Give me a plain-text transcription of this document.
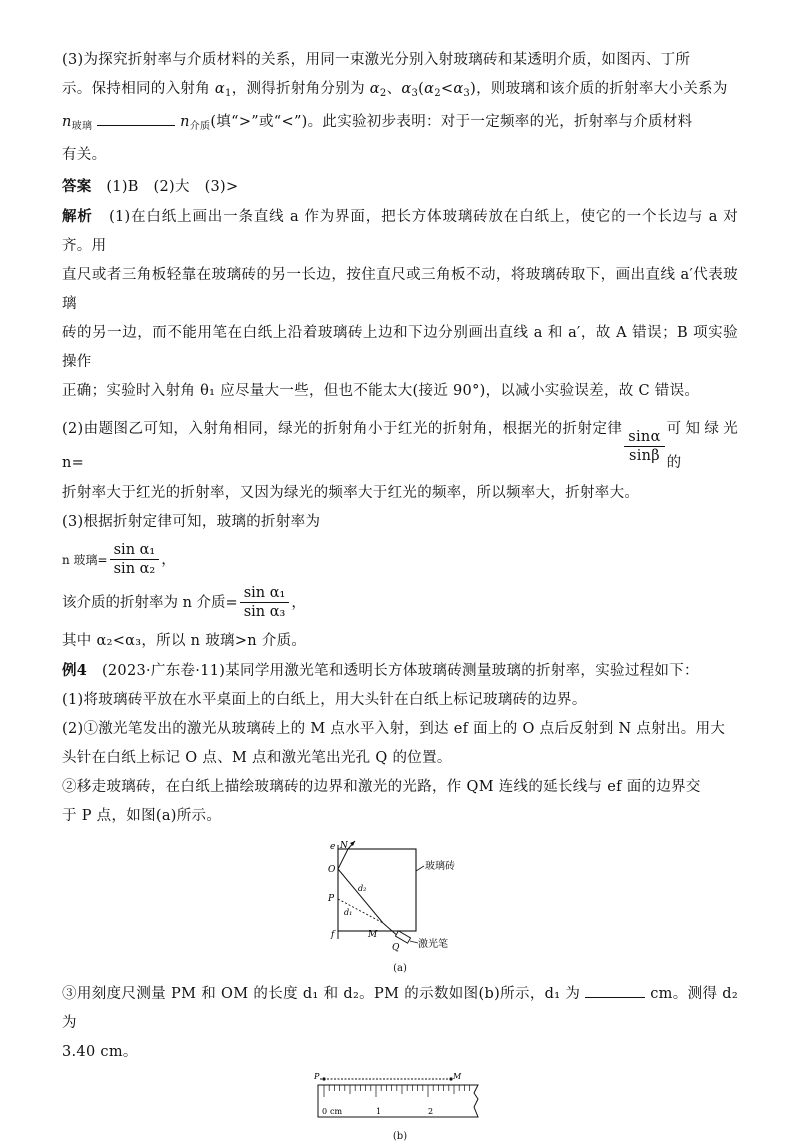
(3)为探究折射率与介质材料的关系，用同一束激光分别入射玻璃砖和某透明介质，如图丙、丁所
示。保持相同的入射角 $\alpha_1$，测得折射角分别为 $\alpha_2$、$\alpha_3(\alpha_2<\alpha_3)$，则玻璃和该介质的折射率大小关系为
$n_{玻璃}$	$n_{介质}$(填“>”或“<”)。此实验初步表明：对于一定频率的光，折射率与介质材料
有关。
答案 (1)B　(2)大　(3)>
解析 (1)在白纸上画出一条直线 a 作为界面，把长方体玻璃砖放在白纸上，使它的一个长边与 a 对齐。用
直尺或者三角板轻靠在玻璃砖的另一长边，按住直尺或三角板不动，将玻璃砖取下，画出直线 a′代表玻璃
砖的另一边，而不能用笔在白纸上沿着玻璃砖上边和下边分别画出直线 a 和 a′，故 A 错误；B 项实验操作
正确；实验时入射角 θ₁ 应尽量大一些，但也不能太大(接近 90°)，以减小实验误差，故 C 错误。
(2)由题图乙可知，入射角相同，绿光的折射角小于红光的折射角，根据光的折射定律 n=	$\frac{\sin\alpha}{\sin\beta}$ 可知绿光的
折射率大于红光的折射率，又因为绿光的频率大于红光的频率，所以频率大，折射率大。
(3)根据折射定律可知，玻璃的折射率为
n 玻璃= $\frac{\text{sin α₁}}{\text{sin α₂}}$ ，
该介质的折射率为 n 介质= $\frac{\text{sin α₁}}{\text{sin α₃}}$ ，
其中 α₂<α₃，所以 n 玻璃>n 介质。
例4 (2023·广东卷·11)某同学用激光笔和透明长方体玻璃砖测量玻璃的折射率，实验过程如下：
(1)将玻璃砖平放在水平桌面上的白纸上，用大头针在白纸上标记玻璃砖的边界。
(2)①激光笔发出的激光从玻璃砖上的 M 点水平入射，到达 ef 面上的 O 点后反射到 N 点射出。用大
头针在白纸上标记 O 点、M 点和激光笔出光孔 Q 的位置。
②移走玻璃砖，在白纸上描绘玻璃砖的边界和激光的光路，作 QM 连线的延长线与 ef 面的边界交
于 P 点，如图(a)所示。
e N
O
P
d₂
d₁
f	M
Q
玻璃砖
激光笔
(a)
③用刻度尺测量 PM 和 OM 的长度 d₁ 和 d₂。PM 的示数如图(b)所示，d₁ 为	cm。测得 d₂ 为
3.40 cm。
P	M
0 cm	1	2
(b)
